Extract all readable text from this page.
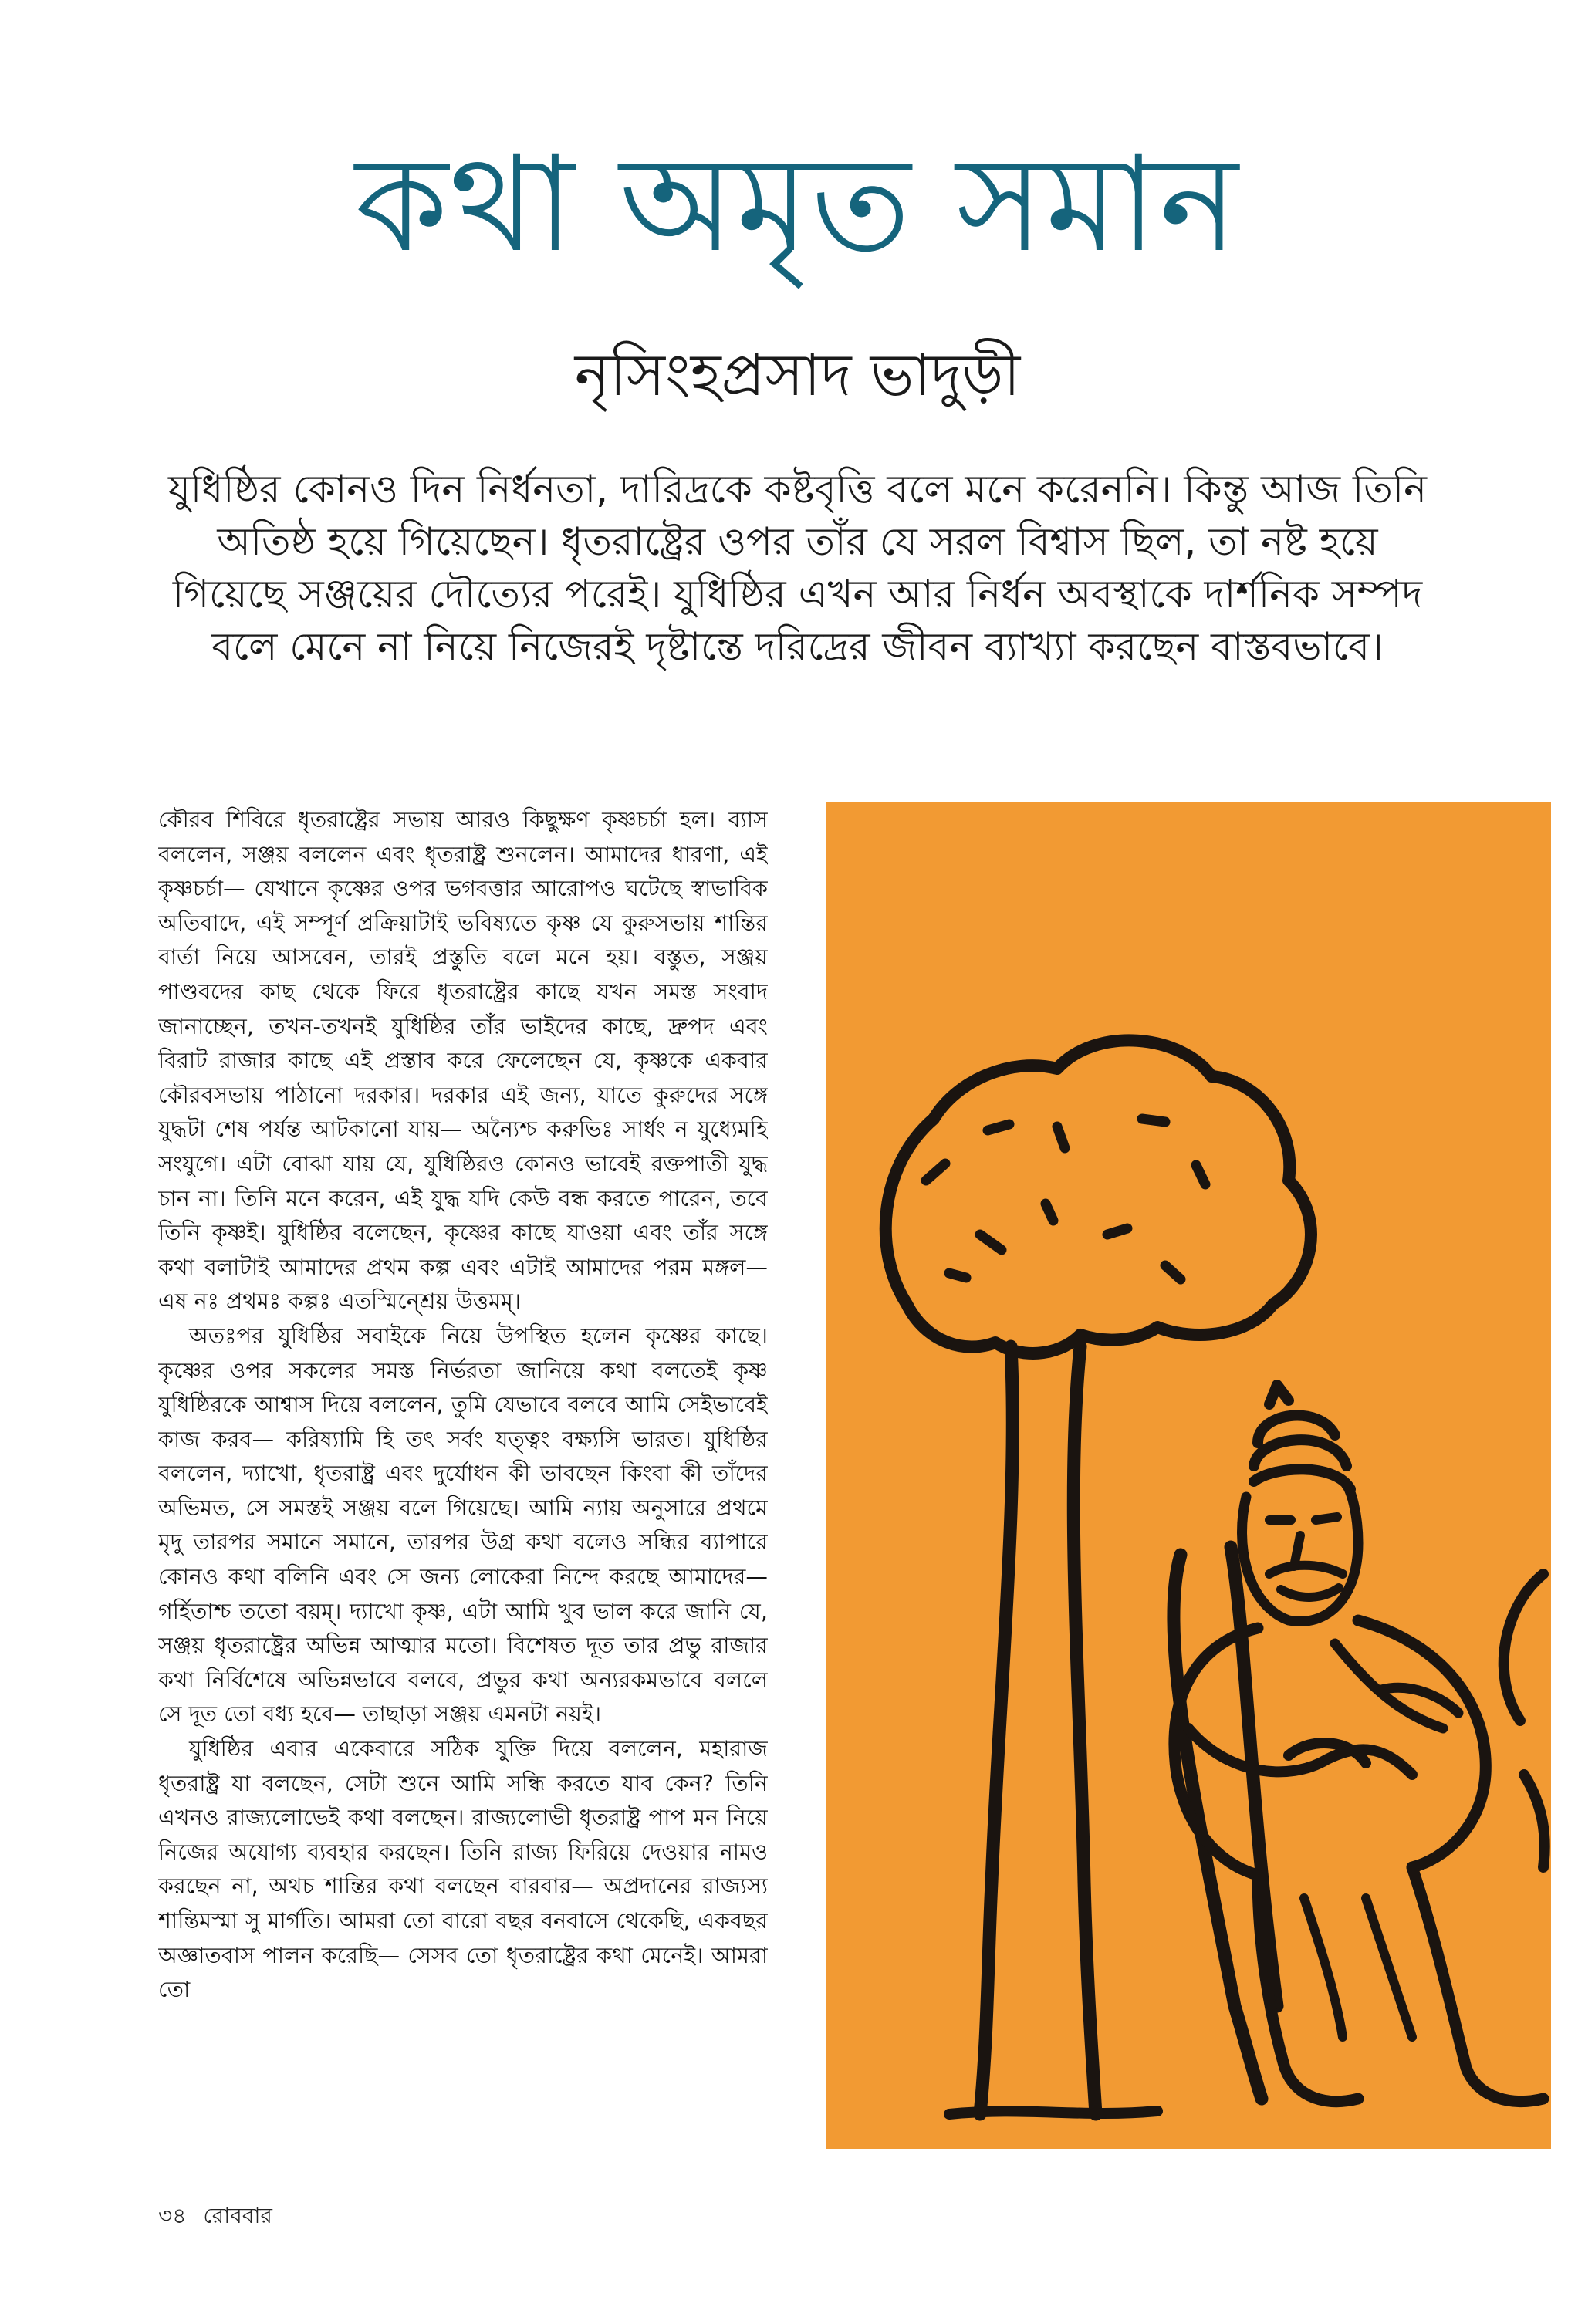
কথা অমৃত সমান
নৃসিংহপ্রসাদ ভাদুড়ী

যুধিষ্ঠির কোনও দিন নির্ধনতা, দারিদ্রকে কষ্টবৃত্তি বলে মনে করেননি। কিন্তু আজ তিনি অতিষ্ঠ হয়ে গিয়েছেন। ধৃতরাষ্ট্রের ওপর তাঁর যে সরল বিশ্বাস ছিল, তা নষ্ট হয়ে গিয়েছে সঞ্জয়ের দৌত্যের পরেই। যুধিষ্ঠির এখন আর নির্ধন অবস্থাকে দার্শনিক সম্পদ বলে মেনে না নিয়ে নিজেরই দৃষ্টান্তে দরিদ্রের জীবন ব্যাখ্যা করছেন বাস্তবভাবে।

কৌরব শিবিরে ধৃতরাষ্ট্রের সভায় আরও কিছুক্ষণ কৃষ্ণচর্চা হল। ব্যাস বললেন, সঞ্জয় বললেন এবং ধৃতরাষ্ট্র শুনলেন। আমাদের ধারণা, এই কৃষ্ণচর্চা— যেখানে কৃষ্ণের ওপর ভগবত্তার আরোপও ঘটেছে স্বাভাবিক অতিবাদে, এই সম্পূর্ণ প্রক্রিয়াটাই ভবিষ্যতে কৃষ্ণ যে কুরুসভায় শান্তির বার্তা নিয়ে আসবেন, তারই প্রস্তুতি বলে মনে হয়। বস্তুত, সঞ্জয় পাণ্ডবদের কাছ থেকে ফিরে ধৃতরাষ্ট্রের কাছে যখন সমস্ত সংবাদ জানাচ্ছেন, তখন-তখনই যুধিষ্ঠির তাঁর ভাইদের কাছে, দ্রুপদ এবং বিরাট রাজার কাছে এই প্রস্তাব করে ফেলেছেন যে, কৃষ্ণকে একবার কৌরবসভায় পাঠানো দরকার। দরকার এই জন্য, যাতে কুরুদের সঙ্গে যুদ্ধটা শেষ পর্যন্ত আটকানো যায়— অন্যৈশ্চ করুভিঃ সার্ধং ন যুধ্যেমহি সংযুগে। এটা বোঝা যায় যে, যুধিষ্ঠিরও কোনও ভাবেই রক্তপাতী যুদ্ধ চান না। তিনি মনে করেন, এই যুদ্ধ যদি কেউ বন্ধ করতে পারেন, তবে তিনি কৃষ্ণই। যুধিষ্ঠির বলেছেন, কৃষ্ণের কাছে যাওয়া এবং তাঁর সঙ্গে কথা বলাটাই আমাদের প্রথম কল্প এবং এটাই আমাদের পরম মঙ্গল— এষ নঃ প্রথমঃ কল্পঃ এতস্মিন্শ্রেয় উত্তমম্।

অতঃপর যুধিষ্ঠির সবাইকে নিয়ে উপস্থিত হলেন কৃষ্ণের কাছে। কৃষ্ণের ওপর সকলের সমস্ত নির্ভরতা জানিয়ে কথা বলতেই কৃষ্ণ যুধিষ্ঠিরকে আশ্বাস দিয়ে বললেন, তুমি যেভাবে বলবে আমি সেইভাবেই কাজ করব— করিষ্যামি হি তৎ সর্বং যত্ত্বং বক্ষ্যসি ভারত। যুধিষ্ঠির বললেন, দ্যাখো, ধৃতরাষ্ট্র এবং দুর্যোধন কী ভাবছেন কিংবা কী তাঁদের অভিমত, সে সমস্তই সঞ্জয় বলে গিয়েছে। আমি ন্যায় অনুসারে প্রথমে মৃদু তারপর সমানে সমানে, তারপর উগ্র কথা বলেও সন্ধির ব্যাপারে কোনও কথা বলিনি এবং সে জন্য লোকেরা নিন্দে করছে আমাদের— গর্হিতাশ্চ ততো বয়ম্। দ্যাখো কৃষ্ণ, এটা আমি খুব ভাল করে জানি যে, সঞ্জয় ধৃতরাষ্ট্রের অভিন্ন আত্মার মতো। বিশেষত দূত তার প্রভু রাজার কথা নির্বিশেষে অভিন্নভাবে বলবে, প্রভুর কথা অন্যরকমভাবে বললে সে দূত তো বধ্য হবে— তাছাড়া সঞ্জয় এমনটা নয়ই।

যুধিষ্ঠির এবার একেবারে সঠিক যুক্তি দিয়ে বললেন, মহারাজ ধৃতরাষ্ট্র যা বলছেন, সেটা শুনে আমি সন্ধি করতে যাব কেন? তিনি এখনও রাজ্যলোভেই কথা বলছেন। রাজ্যলোভী ধৃতরাষ্ট্র পাপ মন নিয়ে নিজের অযোগ্য ব্যবহার করছেন। তিনি রাজ্য ফিরিয়ে দেওয়ার নামও করছেন না, অথচ শান্তির কথা বলছেন বারবার— অপ্রদানের রাজ্যস্য শান্তিমস্মা সু মার্গতি। আমরা তো বারো বছর বনবাসে থেকেছি, একবছর অজ্ঞাতবাস পালন করেছি— সেসব তো ধৃতরাষ্ট্রের কথা মেনেই। আমরা তো

৩৪ রোববার
